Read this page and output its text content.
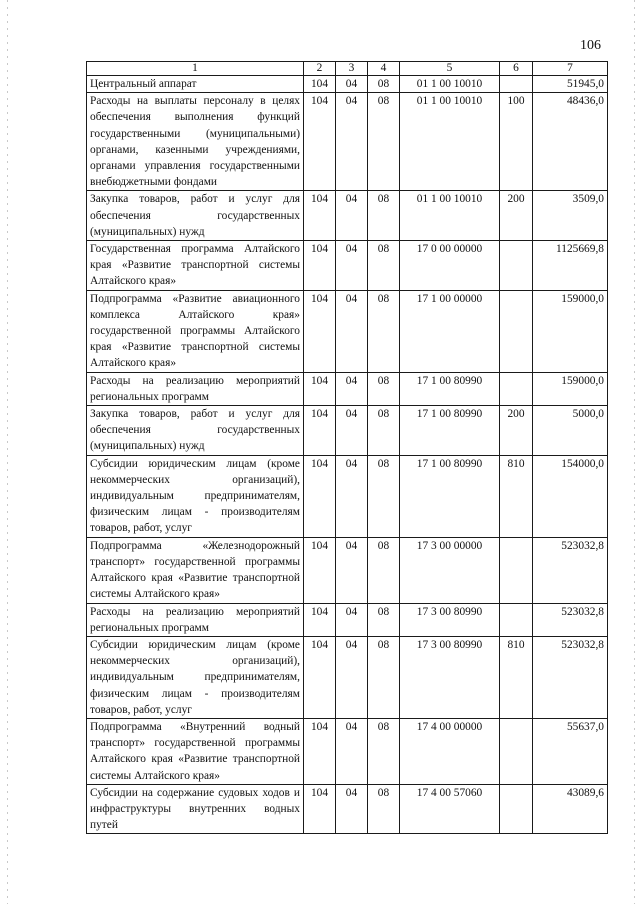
106
1	2	3	4	5	6	7
Центральный аппарат	104	04	08	01 1 00 10010		51945,0
Расходы на выплаты персоналу в целях обеспечения выполнения функций государственными (муниципальными) органами, казенными учреждениями, органами управления государственными внебюджетными фондами	104	04	08	01 1 00 10010	100	48436,0
Закупка товаров, работ и услуг для обеспечения государственных (муниципальных) нужд	104	04	08	01 1 00 10010	200	3509,0
Государственная программа Алтайского края «Развитие транспортной системы Алтайского края»	104	04	08	17 0 00 00000		1125669,8
Подпрограмма «Развитие авиационного комплекса Алтайского края» государственной программы Алтайского края «Развитие транспортной системы Алтайского края»	104	04	08	17 1 00 00000		159000,0
Расходы на реализацию мероприятий региональных программ	104	04	08	17 1 00 80990		159000,0
Закупка товаров, работ и услуг для обеспечения государственных (муниципальных) нужд	104	04	08	17 1 00 80990	200	5000,0
Субсидии юридическим лицам (кроме некоммерческих организаций), индивидуальным предпринимателям, физическим лицам - производителям товаров, работ, услуг	104	04	08	17 1 00 80990	810	154000,0
Подпрограмма «Железнодорожный транспорт» государственной программы Алтайского края «Развитие транспортной системы Алтайского края»	104	04	08	17 3 00 00000		523032,8
Расходы на реализацию мероприятий региональных программ	104	04	08	17 3 00 80990		523032,8
Субсидии юридическим лицам (кроме некоммерческих организаций), индивидуальным предпринимателям, физическим лицам - производителям товаров, работ, услуг	104	04	08	17 3 00 80990	810	523032,8
Подпрограмма «Внутренний водный транспорт» государственной программы Алтайского края «Развитие транспортной системы Алтайского края»	104	04	08	17 4 00 00000		55637,0
Субсидии на содержание судовых ходов и инфраструктуры внутренних водных путей	104	04	08	17 4 00 57060		43089,6
